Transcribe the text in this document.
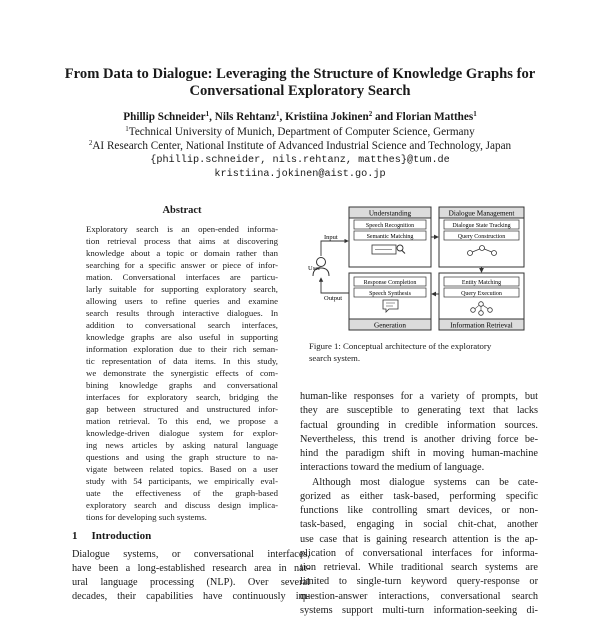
From Data to Dialogue: Leveraging the Structure of Knowledge Graphs for
Conversational Exploratory Search
Phillip Schneider$^1$, Nils Rehtanz$^1$, Kristiina Jokinen$^2$ and Florian Matthes$^1$
$^1$Technical University of Munich, Department of Computer Science, Germany
$^2$AI Research Center, National Institute of Advanced Industrial Science and Technology, Japan
{phillip.schneider, nils.rehtanz, matthes}@tum.de
kristiina.jokinen@aist.go.jp
Abstract
Exploratory search is an open-ended informa-
tion retrieval process that aims at discovering
knowledge about a topic or domain rather than
searching for a specific answer or piece of infor-
mation. Conversational interfaces are particu-
larly suitable for supporting exploratory search,
allowing users to refine queries and examine
search results through interactive dialogues. In
addition to conversational search interfaces,
knowledge graphs are also useful in supporting
information exploration due to their rich seman-
tic representation of data items. In this study,
we demonstrate the synergistic effects of com-
bining knowledge graphs and conversational
interfaces for exploratory search, bridging the
gap between structured and unstructured infor-
mation retrieval. To this end, we propose a
knowledge-driven dialogue system for explor-
ing news articles by asking natural language
questions and using the graph structure to na-
vigate between related topics. Based on a user
study with 54 participants, we empirically eval-
uate the effectiveness of the graph-based
exploratory search and discuss design implica-
tions for developing such systems.
1 Introduction
Dialogue systems, or conversational interfaces,
have been a long-established research area in nat-
ural language processing (NLP). Over several
decades, their capabilities have continuously im-
Understanding
Speech Recognition
Semantic Matching
Dialogue Management
Dialogue State Tracking
Query Construction
Response Completion
Speech Synthesis
Generation
Entity Matching
Query Execution
Information Retrieval
User
Input
Output
Figure 1: Conceptual architecture of the exploratory
search system.
human-like responses for a variety of prompts, but
they are susceptible to generating text that lacks
factual grounding in credible information sources.
Nevertheless, this trend is another driving force be-
hind the paradigm shift in moving human-machine
interactions toward the medium of language.
Although most dialogue systems can be cate-
gorized as either task-based, performing specific
functions like controlling smart devices, or non-
task-based, engaging in social chit-chat, another
use case that is gaining research attention is the ap-
plication of conversational interfaces for informa-
tion retrieval. While traditional search systems are
limited to single-turn keyword query-response or
question-answer interactions, conversational search
systems support multi-turn information-seeking di-
